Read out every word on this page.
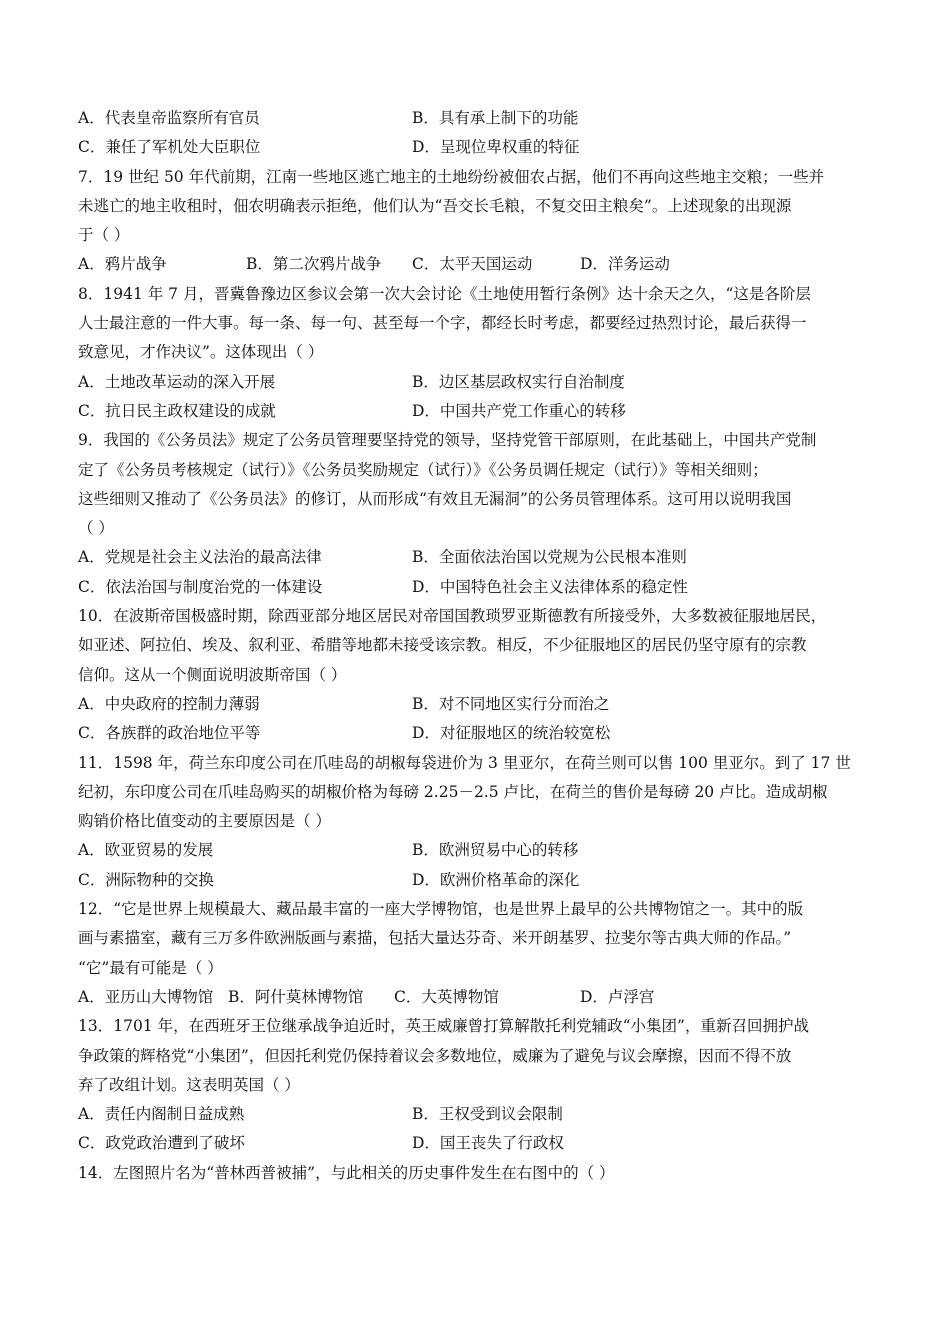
A．代表皇帝监察所有官员	B．具有承上制下的功能
C．兼任了军机处大臣职位	D．呈现位卑权重的特征
7．19 世纪 50 年代前期，江南一些地区逃亡地主的土地纷纷被佃农占据，他们不再向这些地主交粮；一些并
未逃亡的地主收租时，佃农明确表示拒绝，他们认为“吾交长毛粮，不复交田主粮矣”。上述现象的出现源
于（ ）
A．鸦片战争	B．第二次鸦片战争 C．太平天国运动	D．洋务运动
8．1941 年 7 月，晋冀鲁豫边区参议会第一次大会讨论《土地使用暂行条例》达十余天之久，“这是各阶层
人士最注意的一件大事。每一条、每一句、甚至每一个字，都经长时考虑，都要经过热烈讨论，最后获得一
致意见，才作决议”。这体现出（ ）
A．土地改革运动的深入开展	B．边区基层政权实行自治制度
C．抗日民主政权建设的成就	D．中国共产党工作重心的转移
9．我国的《公务员法》规定了公务员管理要坚持党的领导，坚持党管干部原则，在此基础上，中国共产党制
定了《公务员考核规定（试行）》《公务员奖励规定（试行）》《公务员调任规定（试行）》等相关细则；
这些细则又推动了《公务员法》的修订，从而形成“有效且无漏洞”的公务员管理体系。这可用以说明我国
（ ）
A．党规是社会主义法治的最高法律	B．全面依法治国以党规为公民根本准则
C．依法治国与制度治党的一体建设	D．中国特色社会主义法律体系的稳定性
10．在波斯帝国极盛时期，除西亚部分地区居民对帝国国教琐罗亚斯德教有所接受外，大多数被征服地居民，
如亚述、阿拉伯、埃及、叙利亚、希腊等地都未接受该宗教。相反，不少征服地区的居民仍坚守原有的宗教
信仰。这从一个侧面说明波斯帝国（ ）
A．中央政府的控制力薄弱	B．对不同地区实行分而治之
C．各族群的政治地位平等	D．对征服地区的统治较宽松
11．1598 年，荷兰东印度公司在爪哇岛的胡椒每袋进价为 3 里亚尔，在荷兰则可以售 100 里亚尔。到了 17 世
纪初，东印度公司在爪哇岛购买的胡椒价格为每磅 2.25－2.5 卢比，在荷兰的售价是每磅 20 卢比。造成胡椒
购销价格比值变动的主要原因是（ ）
A．欧亚贸易的发展	B．欧洲贸易中心的转移
C．洲际物种的交换	D．欧洲价格革命的深化
12．“它是世界上规模最大、藏品最丰富的一座大学博物馆，也是世界上最早的公共博物馆之一。其中的版
画与素描室，藏有三万多件欧洲版画与素描，包括大量达芬奇、米开朗基罗、拉斐尔等古典大师的作品。”
“它”最有可能是（ ）
A．亚历山大博物馆 B．阿什莫林博物馆 C．大英博物馆	D．卢浮宫
13．1701 年，在西班牙王位继承战争迫近时，英王威廉曾打算解散托利党辅政“小集团”，重新召回拥护战
争政策的辉格党“小集团”，但因托利党仍保持着议会多数地位，威廉为了避免与议会摩擦，因而不得不放
弃了改组计划。这表明英国（ ）
A．责任内阁制日益成熟	B．王权受到议会限制
C．政党政治遭到了破坏	D．国王丧失了行政权
14．左图照片名为“普林西普被捕”，与此相关的历史事件发生在右图中的（ ）
